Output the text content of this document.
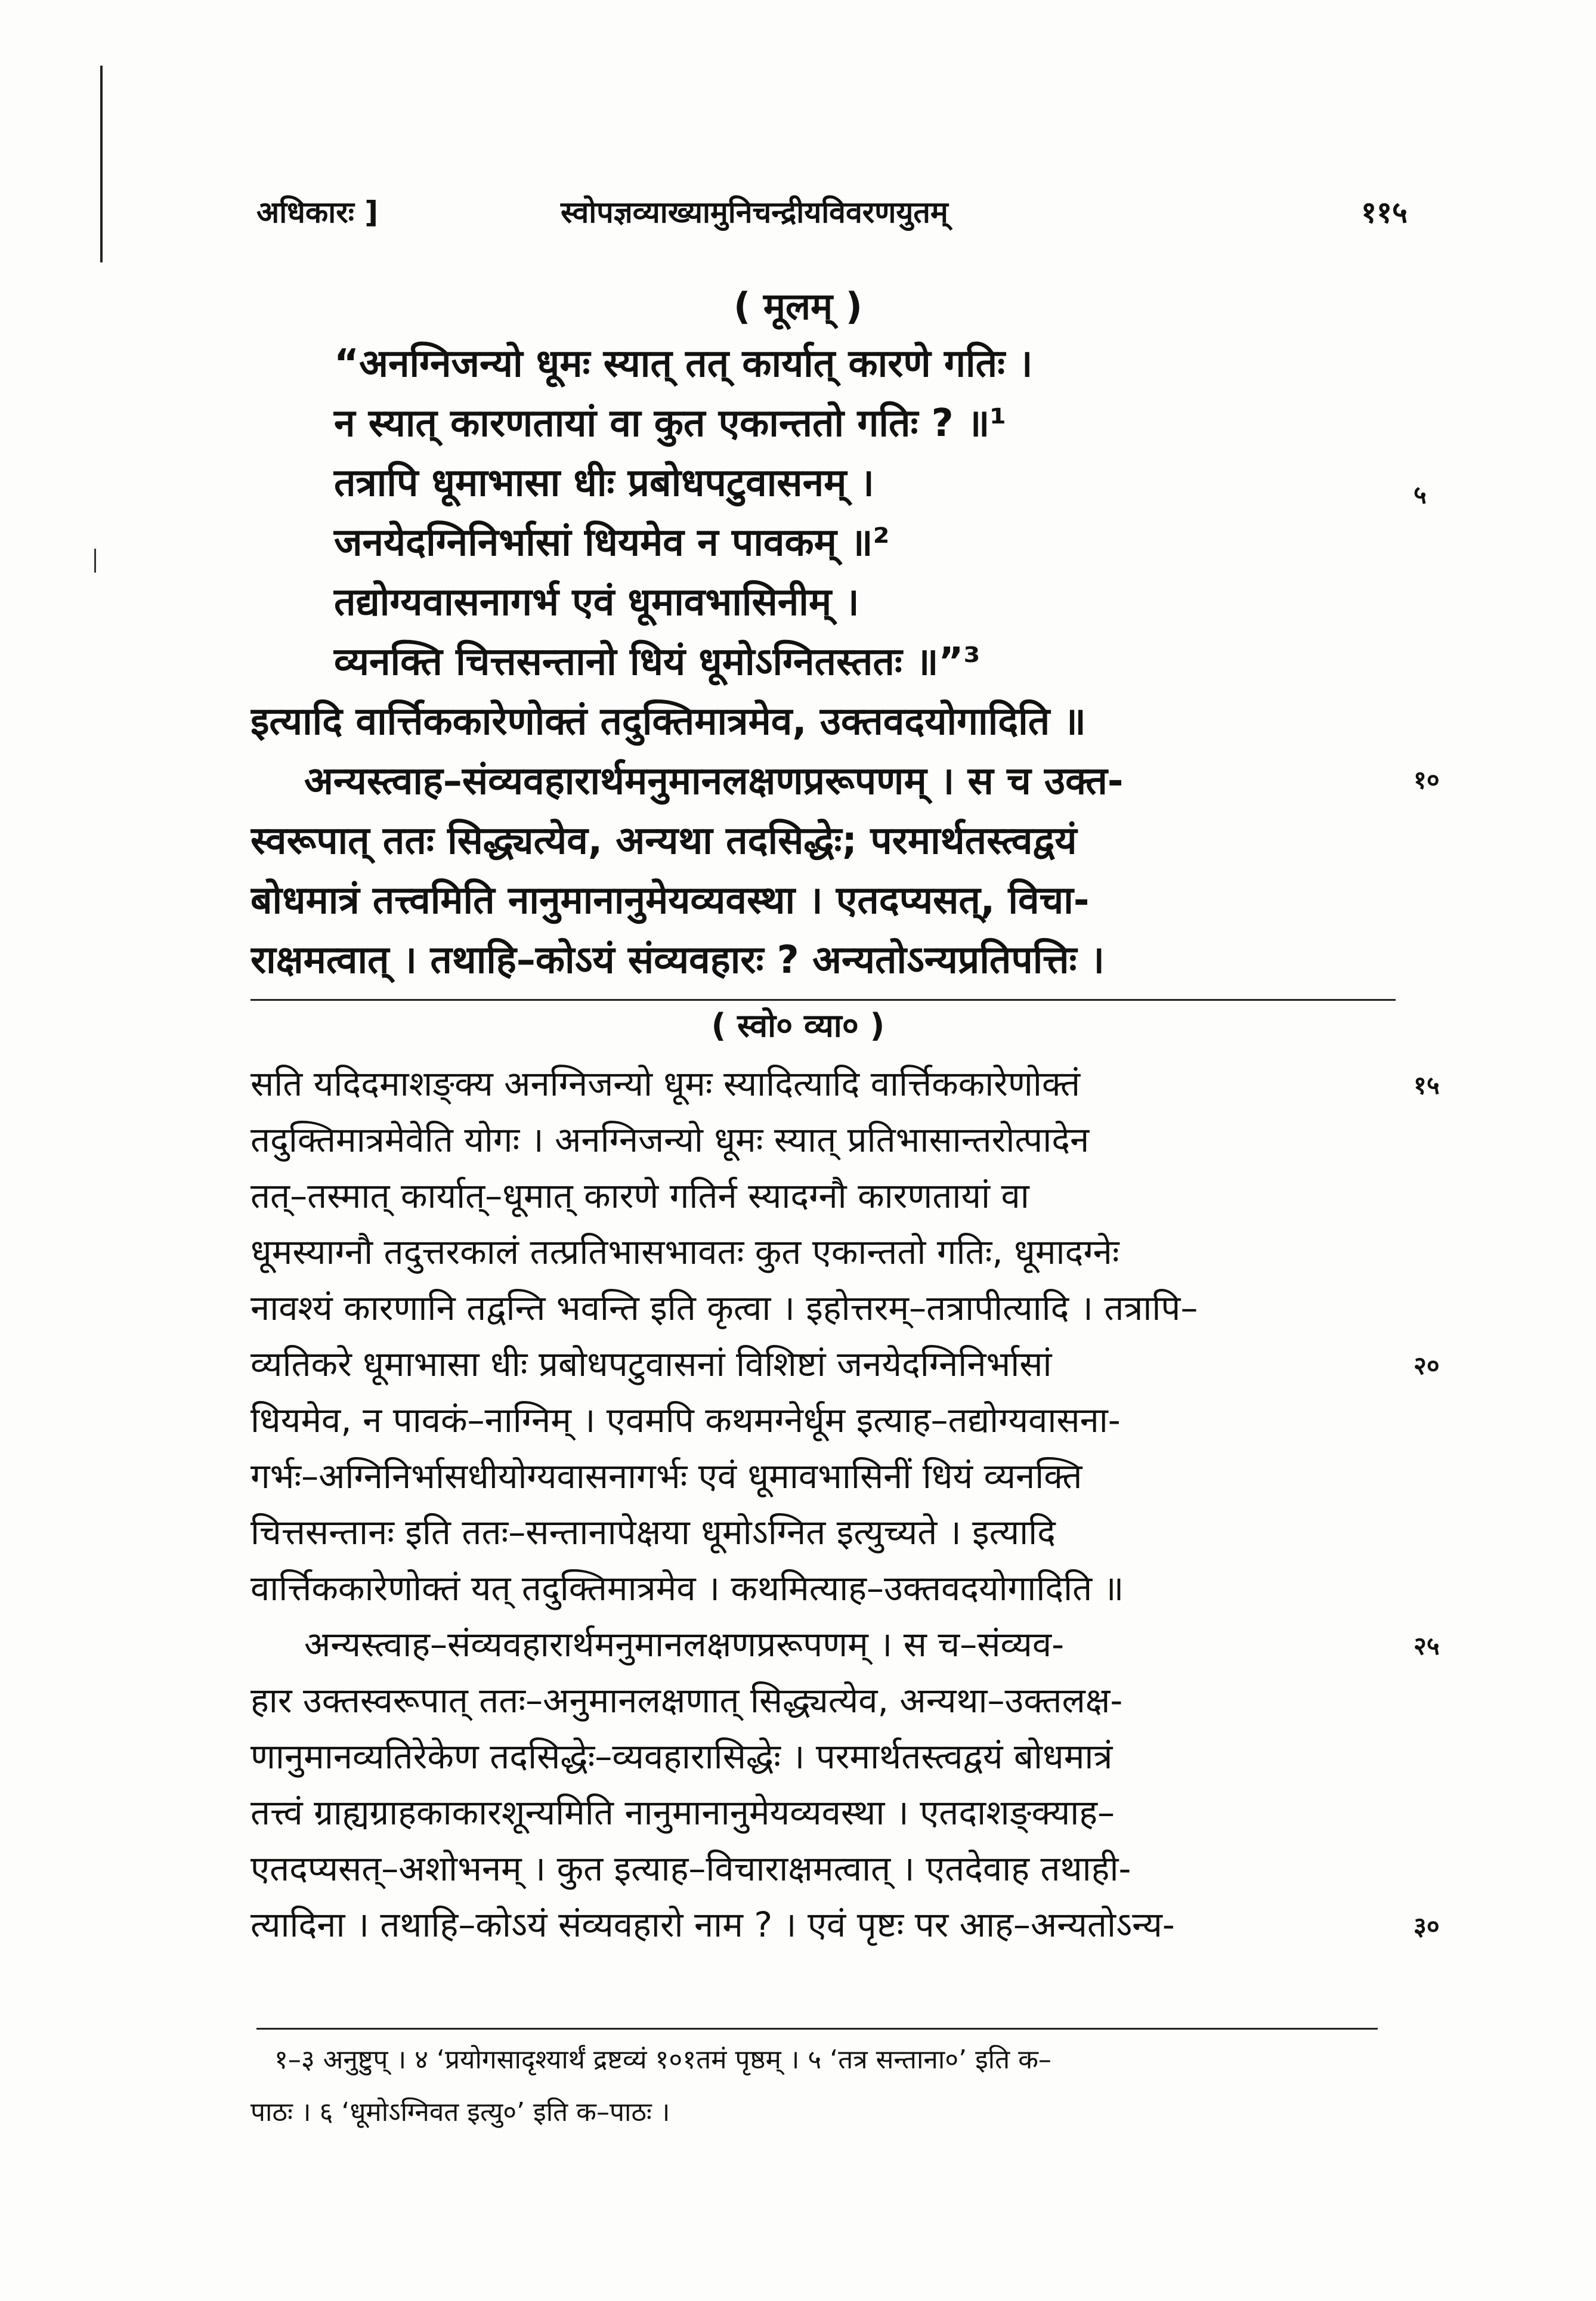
अधिकारः ]	स्वोपज्ञव्याख्यामुनिचन्द्रीयविवरणयुतम्	११५
( मूलम् )
“अनग्निजन्यो धूमः स्यात् तत् कार्यात् कारणे गतिः ।
न स्यात् कारणतायां वा कुत एकान्ततो गतिः ? ॥¹
तत्रापि धूमाभासा धीः प्रबोधपटुवासनम् ।
जनयेदग्निनिर्भासां धियमेव न पावकम् ॥²
तद्योग्यवासनागर्भ एवं धूमावभासिनीम् ।
व्यनक्ति चित्तसन्तानो धियं धूमोऽग्नितस्ततः ॥”³
इत्यादि वार्त्तिककारेणोक्तं तदुक्तिमात्रमेव, उक्तवदयोगादिति ॥
अन्यस्त्वाह–संव्यवहारार्थमनुमानलक्षणप्ररूपणम् । स च उक्त-
स्वरूपात् ततः सिद्ध्यत्येव, अन्यथा तदसिद्धेः; परमार्थतस्त्वद्वयं
बोधमात्रं तत्त्वमिति नानुमानानुमेयव्यवस्था । एतदप्यसत्, विचा-
राक्षमत्वात् । तथाहि–कोऽयं संव्यवहारः ? अन्यतोऽन्यप्रतिपत्तिः ।
( स्वो० व्या० )
सति यदिदमाशङ्क्य अनग्निजन्यो धूमः स्यादित्यादि वार्त्तिककारेणोक्तं
तदुक्तिमात्रमेवेति योगः । अनग्निजन्यो धूमः स्यात् प्रतिभासान्तरोत्पादेन
तत्–तस्मात् कार्यात्–धूमात् कारणे गतिर्न स्यादग्नौ कारणतायां वा
धूमस्याग्नौ तदुत्तरकालं तत्प्रतिभासभावतः कुत एकान्ततो गतिः, धूमादग्नेः
नावश्यं कारणानि तद्वन्ति भवन्ति इति कृत्वा । इहोत्तरम्–तत्रापीत्यादि । तत्रापि–
व्यतिकरे धूमाभासा धीः प्रबोधपटुवासनां विशिष्टां जनयेदग्निनिर्भासां
धियमेव, न पावकं–नाग्निम् । एवमपि कथमग्नेर्धूम इत्याह–तद्योग्यवासना-
गर्भः–अग्निनिर्भासधीयोग्यवासनागर्भः एवं धूमावभासिनीं धियं व्यनक्ति
चित्तसन्तानः इति ततः–सन्तानापेक्षया धूमोऽग्नित इत्युच्यते । इत्यादि
वार्त्तिककारेणोक्तं यत् तदुक्तिमात्रमेव । कथमित्याह–उक्तवदयोगादिति ॥
अन्यस्त्वाह–संव्यवहारार्थमनुमानलक्षणप्ररूपणम् । स च–संव्यव-
हार उक्तस्वरूपात् ततः–अनुमानलक्षणात् सिद्ध्यत्येव, अन्यथा–उक्तलक्ष-
णानुमानव्यतिरेकेण तदसिद्धेः–व्यवहारासिद्धेः । परमार्थतस्त्वद्वयं बोधमात्रं
तत्त्वं ग्राह्यग्राहकाकारशून्यमिति नानुमानानुमेयव्यवस्था । एतदाशङ्क्याह–
एतदप्यसत्–अशोभनम् । कुत इत्याह–विचाराक्षमत्वात् । एतदेवाह तथाही-
त्यादिना । तथाहि–कोऽयं संव्यवहारो नाम ? । एवं पृष्टः पर आह–अन्यतोऽन्य-
५
१०
१५
२०
२५
३०
१–३ अनुष्टुप् । ४ ‘प्रयोगसादृश्यार्थं द्रष्टव्यं १०१तमं पृष्ठम् । ५ ‘तत्र सन्ताना०’ इति क–
पाठः । ६ ‘धूमोऽग्निवत इत्यु०’ इति क–पाठः ।
